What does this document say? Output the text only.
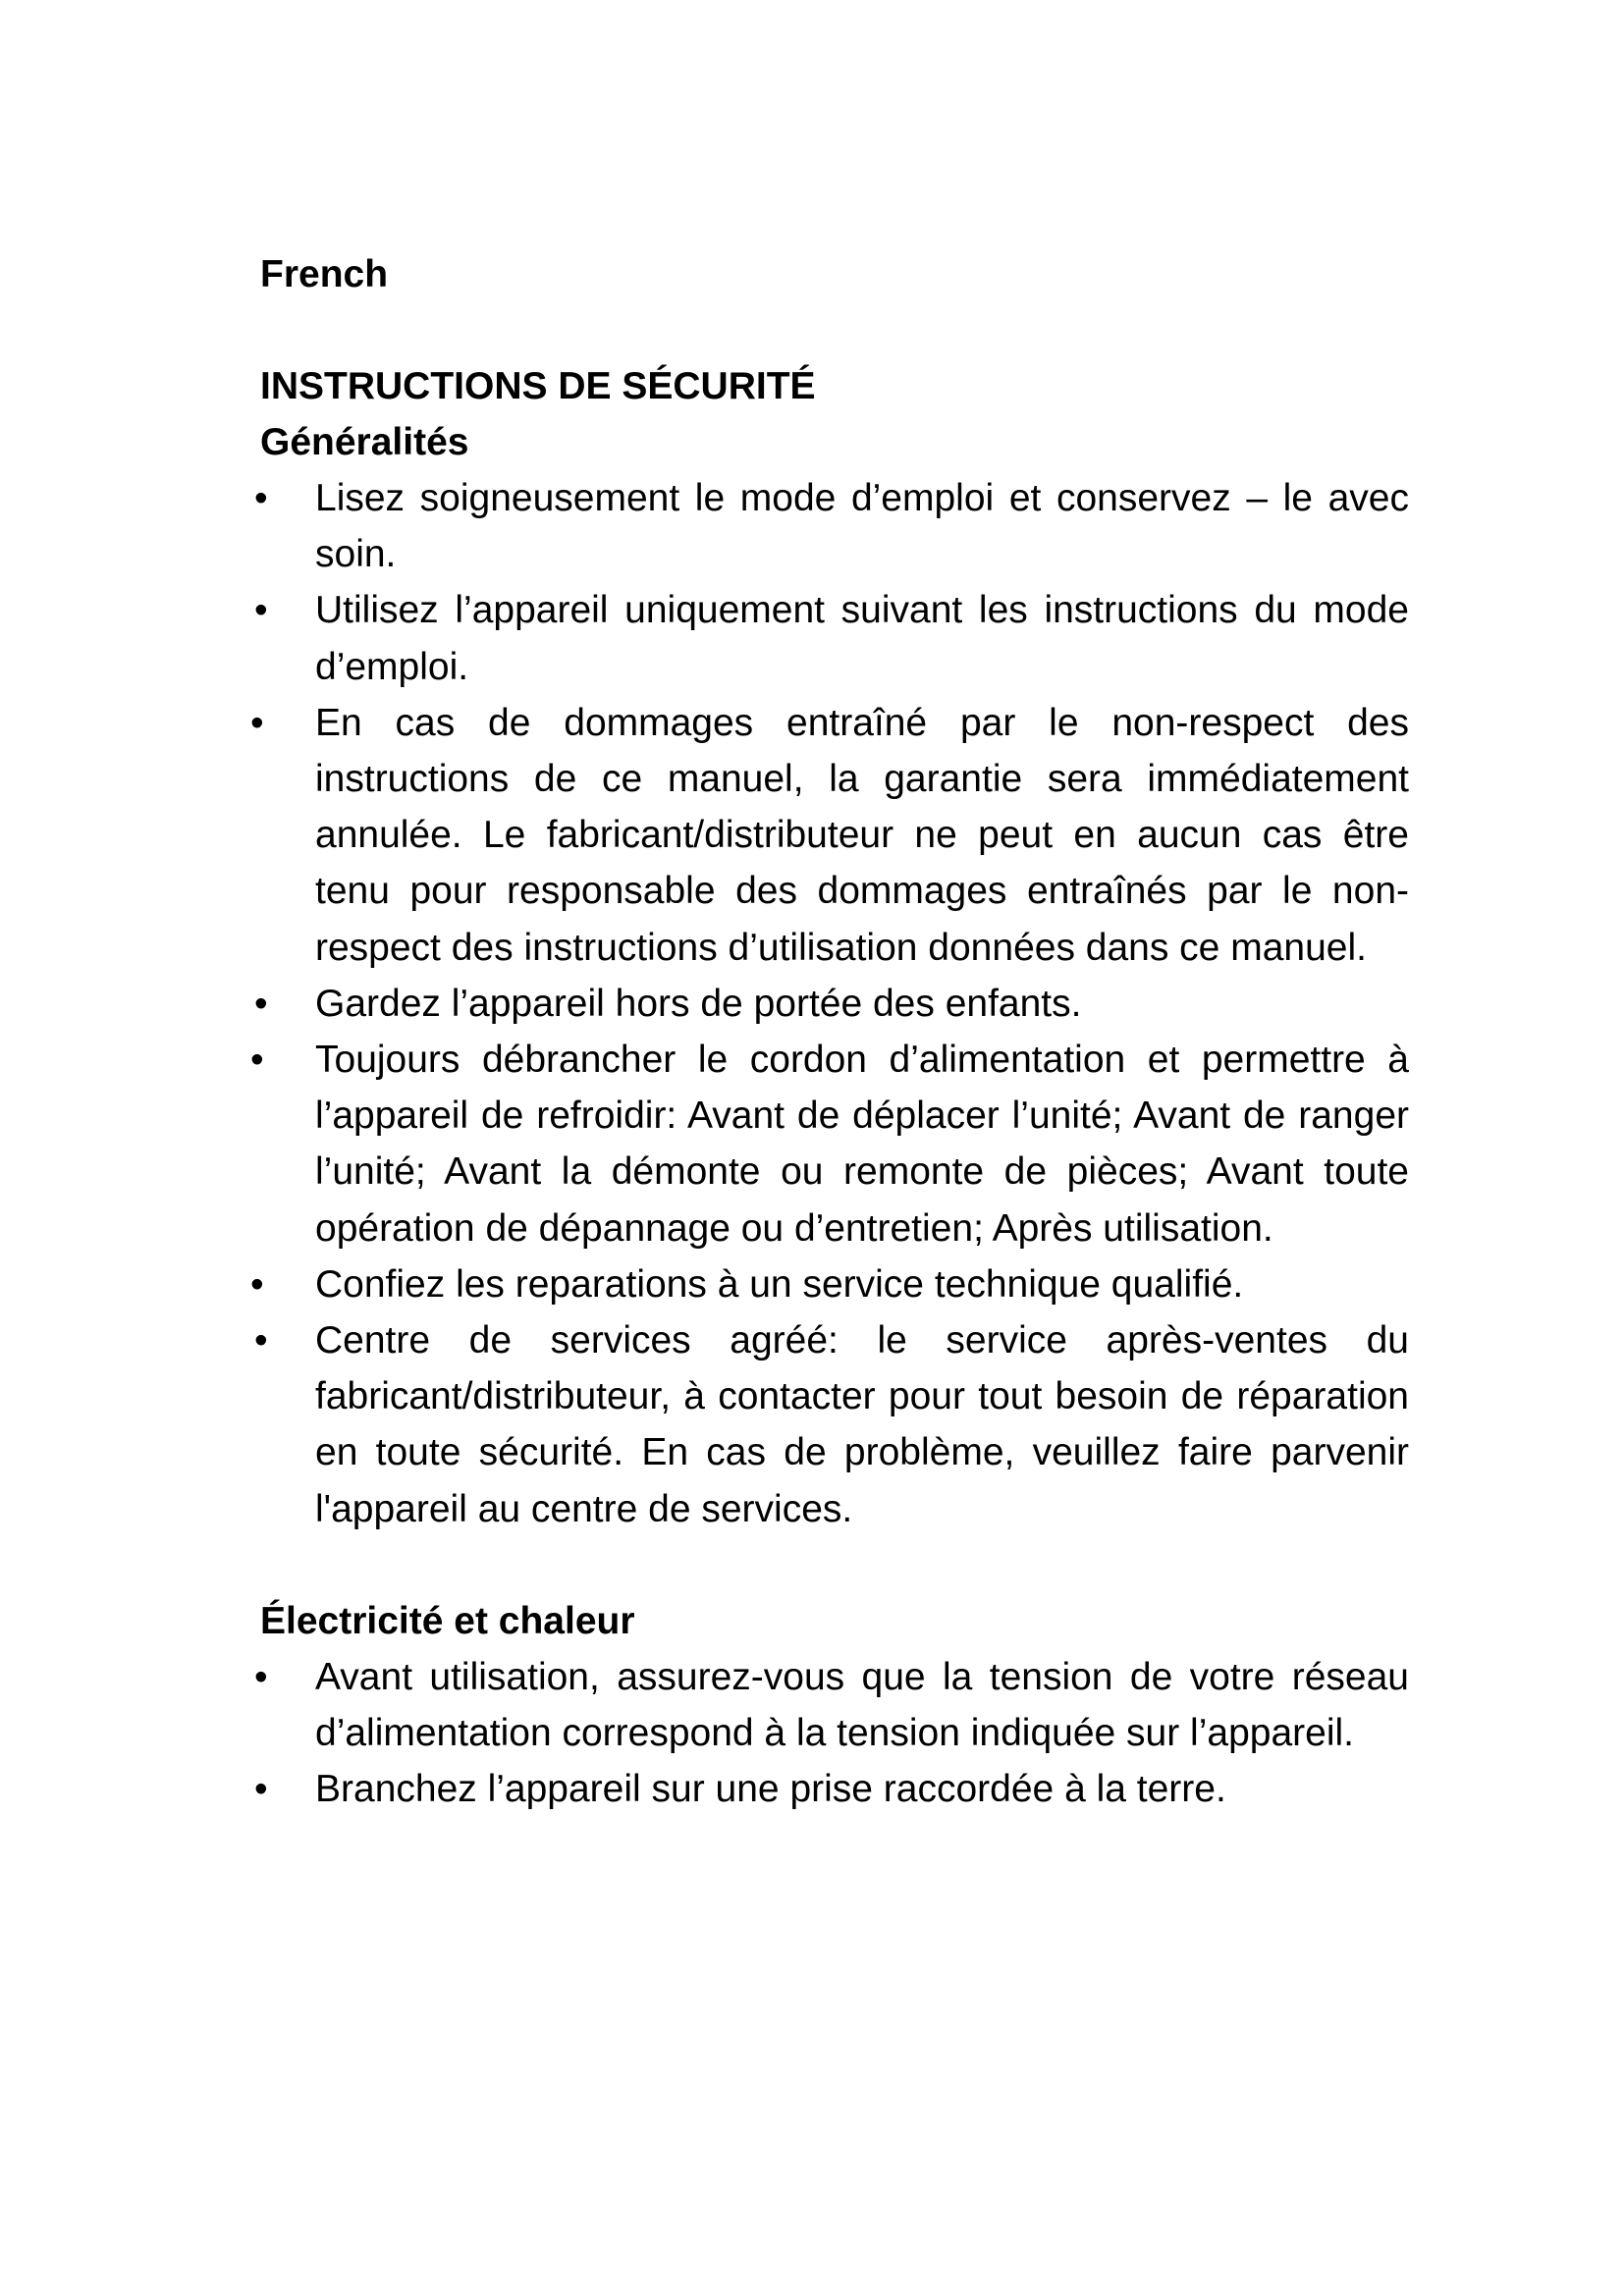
French
INSTRUCTIONS DE SÉCURITÉ
Généralités
•	Lisez soigneusement le mode d’emploi et conservez – le avec soin.
•	Utilisez l’appareil uniquement suivant les instructions du mode d’emploi.
•	En cas de dommages entraîné par le non-respect des instructions de ce manuel, la garantie sera immédiatement annulée. Le fabricant/distributeur ne peut en aucun cas être tenu pour responsable des dommages entraînés par le non-respect des instructions d’utilisation données dans ce manuel.
•	Gardez l’appareil hors de portée des enfants.
•	Toujours débrancher le cordon d’alimentation et permettre à l’appareil de refroidir: Avant de déplacer l’unité; Avant de ranger l’unité; Avant la démonte ou remonte de pièces; Avant toute opération de dépannage ou d’entretien; Après utilisation.
•	Confiez les reparations à un service technique qualifié.
•	Centre de services agréé: le service après-ventes du fabricant/distributeur, à contacter pour tout besoin de réparation en toute sécurité. En cas de problème, veuillez faire parvenir l'appareil au centre de services.
Électricité et chaleur
•	Avant utilisation, assurez-vous que la tension de votre réseau d’alimentation correspond à la tension indiquée sur l’appareil.
•	Branchez l’appareil sur une prise raccordée à la terre.
